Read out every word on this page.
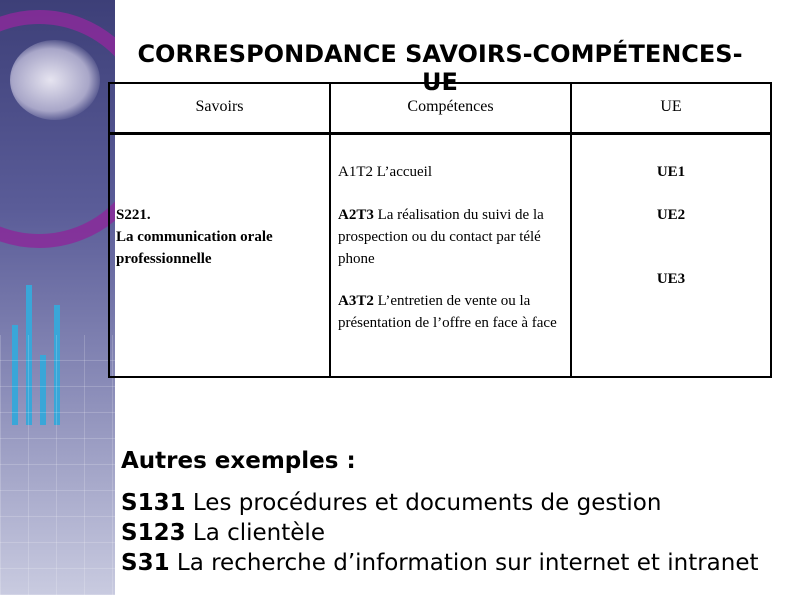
CORRESPONDANCE SAVOIRS-COMPÉTENCES-UE
Savoirs	Compétences	UE
S221.
La communication orale professionnelle
A1T2 L’accueil
A2T3 La réalisation du suivi de la prospection ou du contact par télé phone
A3T2 L’entretien de vente ou la présentation de l’offre en face à face
UE1
UE2
UE3
Autres exemples :
S131 Les procédures et documents de gestion
S123 La clientèle
S31 La recherche d’information sur internet et intranet
